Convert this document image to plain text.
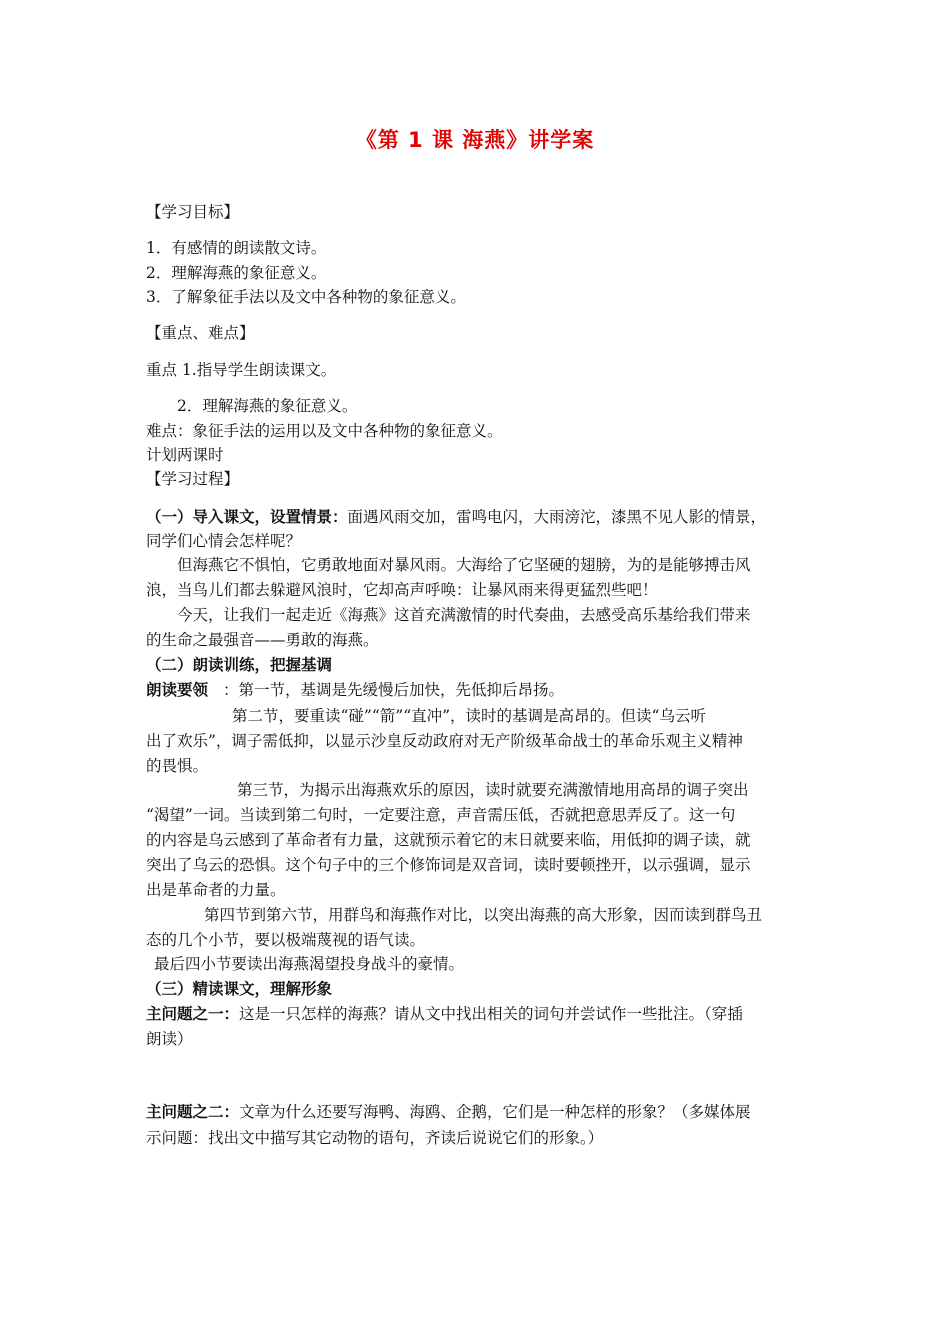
《第 1 课 海燕》讲学案
【学习目标】
1．有感情的朗读散文诗。
2．理解海燕的象征意义。
3．了解象征手法以及文中各种物的象征意义。
【重点、难点】
重点 1.指导学生朗读课文。
2．理解海燕的象征意义。
难点：象征手法的运用以及文中各种物的象征意义。
计划两课时
【学习过程】
（一）导入课文，设置情景：面遇风雨交加，雷鸣电闪，大雨滂沱，漆黑不见人影的情景，
同学们心情会怎样呢？
但海燕它不惧怕，它勇敢地面对暴风雨。大海给了它坚硬的翅膀，为的是能够搏击风
浪，当鸟儿们都去躲避风浪时，它却高声呼唤：让暴风雨来得更猛烈些吧！
今天，让我们一起走近《海燕》这首充满激情的时代奏曲，去感受高乐基给我们带来
的生命之最强音——勇敢的海燕。
（二）朗读训练，把握基调
朗读要领 ：第一节，基调是先缓慢后加快，先低抑后昂扬。
第二节，要重读“碰”“箭”“直冲”，读时的基调是高昂的。但读“乌云听
出了欢乐”，调子需低抑，以显示沙皇反动政府对无产阶级革命战士的革命乐观主义精神
的畏惧。
第三节，为揭示出海燕欢乐的原因，读时就要充满激情地用高昂的调子突出
“渴望”一词。当读到第二句时，一定要注意，声音需压低，否就把意思弄反了。这一句
的内容是乌云感到了革命者有力量，这就预示着它的末日就要来临，用低抑的调子读，就
突出了乌云的恐惧。这个句子中的三个修饰词是双音词，读时要顿挫开，以示强调，显示
出是革命者的力量。
第四节到第六节，用群鸟和海燕作对比，以突出海燕的高大形象，因而读到群鸟丑
态的几个小节，要以极端蔑视的语气读。
最后四小节要读出海燕渴望投身战斗的豪情。
（三）精读课文，理解形象
主问题之一：这是一只怎样的海燕？请从文中找出相关的词句并尝试作一些批注。（穿插
朗读）
主问题之二：文章为什么还要写海鸭、海鸥、企鹅，它们是一种怎样的形象？（多媒体展
示问题：找出文中描写其它动物的语句，齐读后说说它们的形象。）
